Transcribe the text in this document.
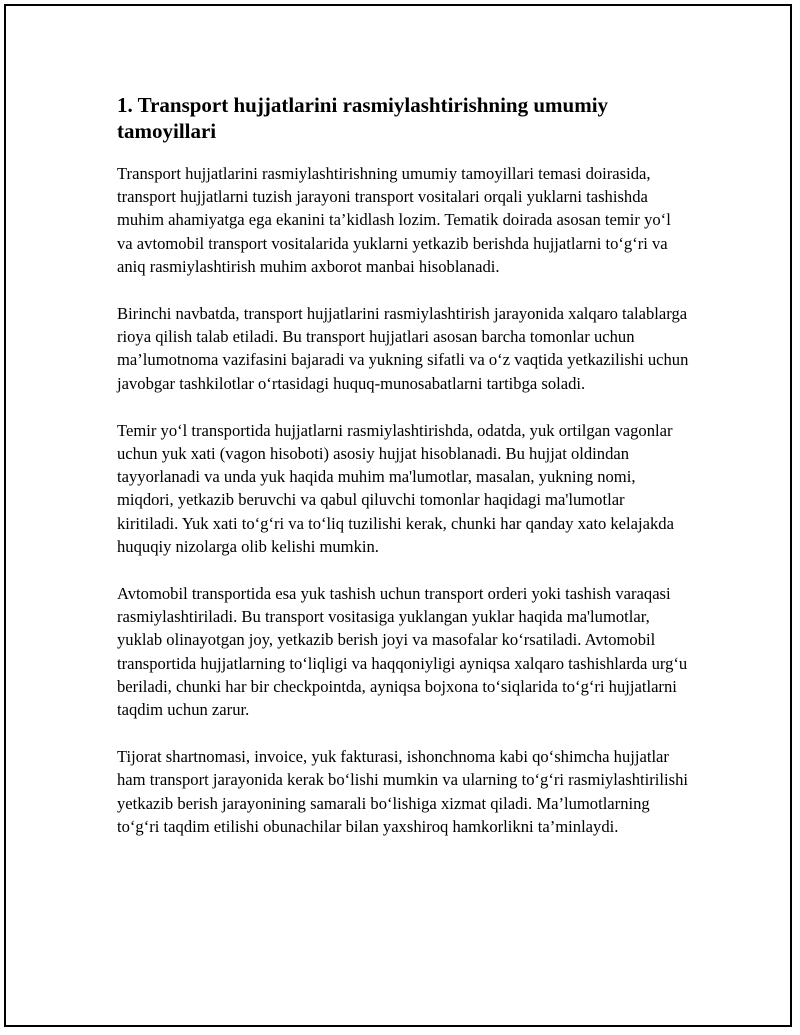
1. Transport hujjatlarini rasmiylashtirishning umumiy tamoyillari

Transport hujjatlarini rasmiylashtirishning umumiy tamoyillari temasi doirasida, transport hujjatlarni tuzish jarayoni transport vositalari orqali yuklarni tashishda muhim ahamiyatga ega ekanini ta’kidlash lozim. Tematik doirada asosan temir yo‘l va avtomobil transport vositalarida yuklarni yetkazib berishda hujjatlarni to‘g‘ri va aniq rasmiylashtirish muhim axborot manbai hisoblanadi.

Birinchi navbatda, transport hujjatlarini rasmiylashtirish jarayonida xalqaro talablarga rioya qilish talab etiladi. Bu transport hujjatlari asosan barcha tomonlar uchun ma’lumotnoma vazifasini bajaradi va yukning sifatli va o‘z vaqtida yetkazilishi uchun javobgar tashkilotlar o‘rtasidagi huquq-munosabatlarni tartibga soladi.

Temir yo‘l transportida hujjatlarni rasmiylashtirishda, odatda, yuk ortilgan vagonlar uchun yuk xati (vagon hisoboti) asosiy hujjat hisoblanadi. Bu hujjat oldindan tayyorlanadi va unda yuk haqida muhim ma'lumotlar, masalan, yukning nomi, miqdori, yetkazib beruvchi va qabul qiluvchi tomonlar haqidagi ma'lumotlar kiritiladi. Yuk xati to‘g‘ri va to‘liq tuzilishi kerak, chunki har qanday xato kelajakda huquqiy nizolarga olib kelishi mumkin.

Avtomobil transportida esa yuk tashish uchun transport orderi yoki tashish varaqasi rasmiylashtiriladi. Bu transport vositasiga yuklangan yuklar haqida ma'lumotlar, yuklab olinayotgan joy, yetkazib berish joyi va masofalar ko‘rsatiladi. Avtomobil transportida hujjatlarning to‘liqligi va haqqoniyligi ayniqsa xalqaro tashishlarda urg‘u beriladi, chunki har bir checkpointda, ayniqsa bojxona to‘siqlarida to‘g‘ri hujjatlarni taqdim uchun zarur.

Tijorat shartnomasi, invoice, yuk fakturasi, ishonchnoma kabi qo‘shimcha hujjatlar ham transport jarayonida kerak bo‘lishi mumkin va ularning to‘g‘ri rasmiylashtirilishi yetkazib berish jarayonining samarali bo‘lishiga xizmat qiladi. Ma’lumotlarning to‘g‘ri taqdim etilishi obunachilar bilan yaxshiroq hamkorlikni ta’minlaydi.
